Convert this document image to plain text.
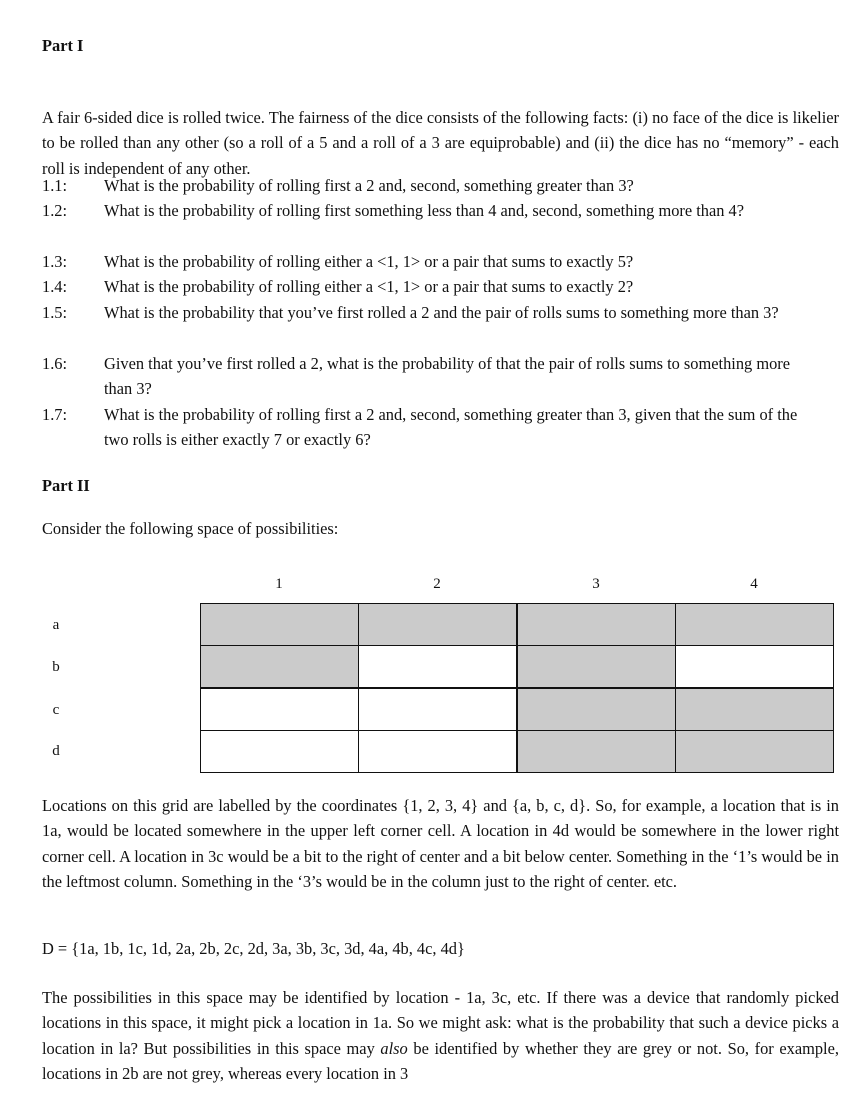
Part I
A fair 6-sided dice is rolled twice. The fairness of the dice consists of the following facts: (i) no face of the dice is likelier to be rolled than any other (so a roll of a 5 and a roll of a 3 are equiprobable) and (ii) the dice has no “memory” - each roll is independent of any other.
1.1:	What is the probability of rolling first a 2 and, second, something greater than 3?
1.2:	What is the probability of rolling first something less than 4 and, second, something more than 4?
1.3:	What is the probability of rolling either a <1, 1> or a pair that sums to exactly 5?
1.4:	What is the probability of rolling either a <1, 1> or a pair that sums to exactly 2?
1.5:	What is the probability that you’ve first rolled a 2 and the pair of rolls sums to something more than 3?
1.6:	Given that you’ve first rolled a 2, what is the probability of that the pair of rolls sums to something more than 3?
1.7:	What is the probability of rolling first a 2 and, second, something greater than 3, given that the sum of the two rolls is either exactly 7 or exactly 6?
Part II
Consider the following space of possibilities:
1	2	3	4
a
b
c
d
Locations on this grid are labelled by the coordinates {1, 2, 3, 4} and {a, b, c, d}. So, for example, a location that is in 1a, would be located somewhere in the upper left corner cell. A location in 4d would be somewhere in the lower right corner cell. A location in 3c would be a bit to the right of center and a bit below center. Something in the ‘1’s would be in the leftmost column. Something in the ‘3’s would be in the column just to the right of center. etc.
D = {1a, 1b, 1c, 1d, 2a, 2b, 2c, 2d, 3a, 3b, 3c, 3d, 4a, 4b, 4c, 4d}
The possibilities in this space may be identified by location - 1a, 3c, etc. If there was a device that randomly picked locations in this space, it might pick a location in 1a. So we might ask: what is the probability that such a device picks a location in la? But possibilities in this space may also be identified by whether they are grey or not. So, for example, locations in 2b are not grey, whereas every location in 3
